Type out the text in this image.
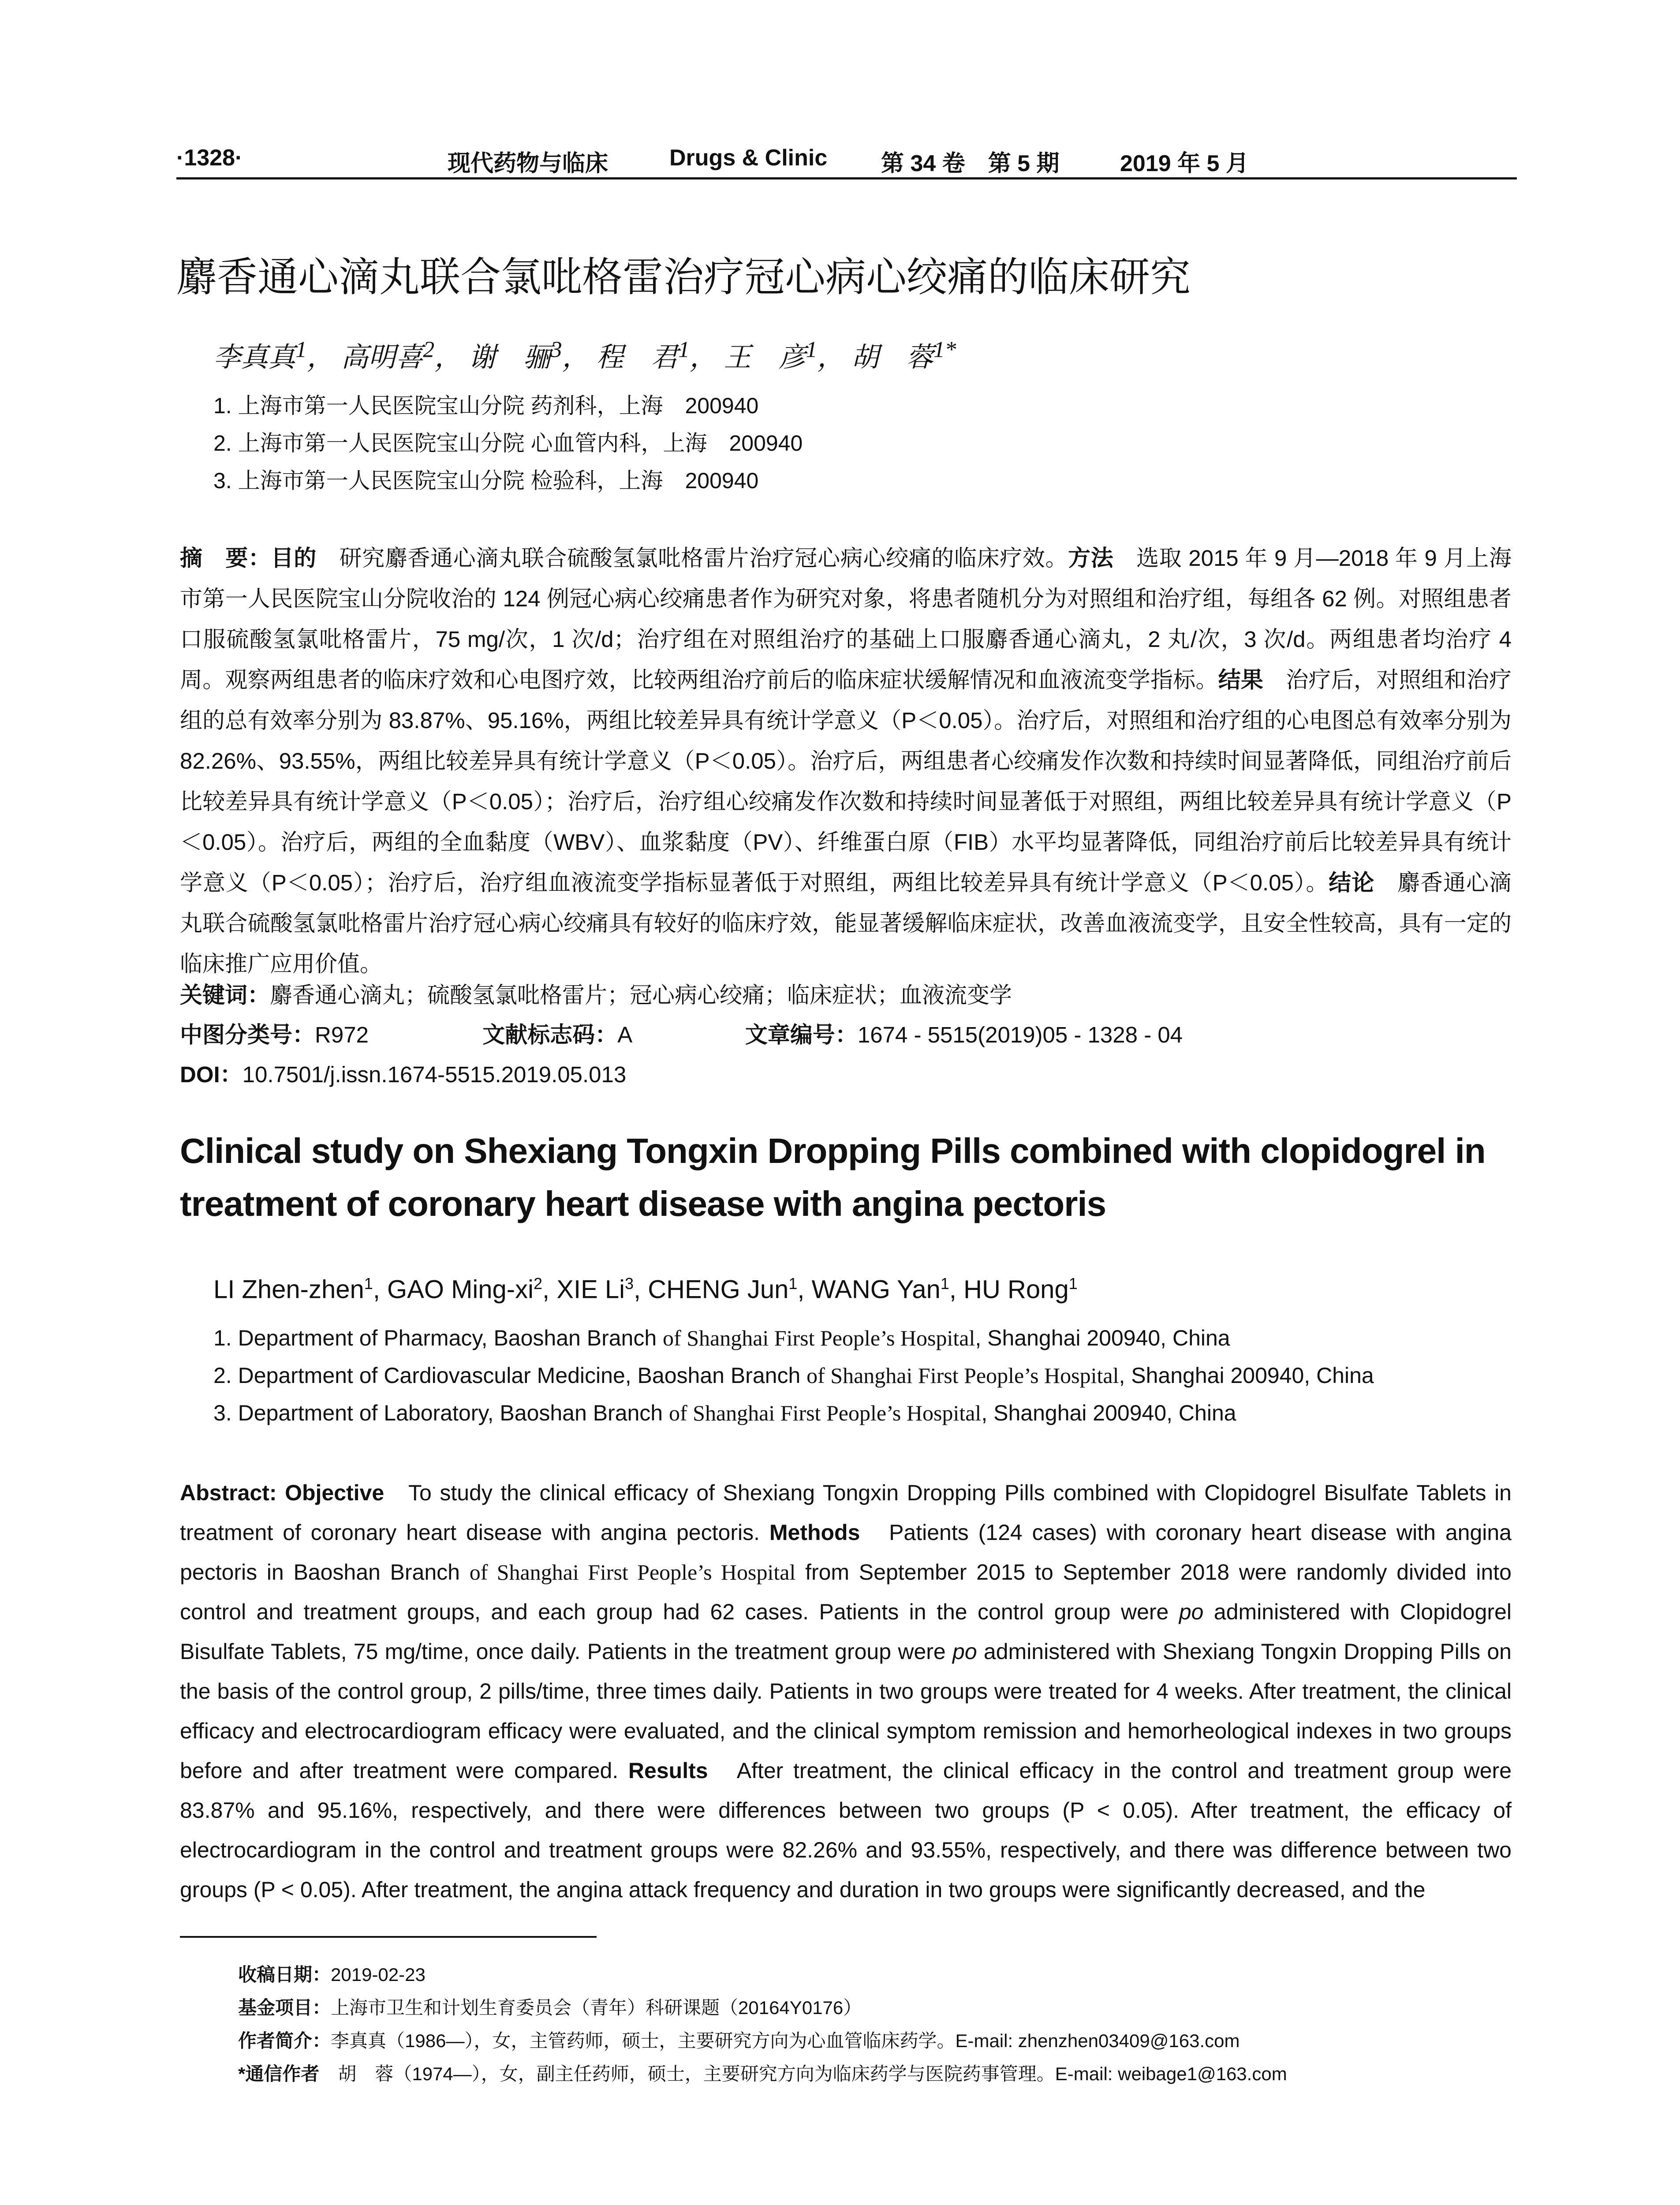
·1328·	现代药物与临床	Drugs & Clinic 第 34 卷　第 5 期	2019 年 5 月
麝香通心滴丸联合氯吡格雷治疗冠心病心绞痛的临床研究
李真真$^1$， 高明喜$^2$， 谢　骊$^3$， 程　君$^1$， 王　彦$^1$， 胡　蓉$^{1*}$
1. 上海市第一人民医院宝山分院 药剂科，上海　200940
2. 上海市第一人民医院宝山分院 心血管内科，上海　200940
3. 上海市第一人民医院宝山分院 检验科，上海　200940
摘　要：目的　 研究麝香通心滴丸联合硫酸氢氯吡格雷片治疗冠心病心绞痛的临床疗效。方法　 选取 2015 年 9 月—2018 年 9 月上海市第一人民医院宝山分院收治的 124 例冠心病心绞痛患者作为研究对象，将患者随机分为对照组和治疗组，每组各 62 例。对照组患者口服硫酸氢氯吡格雷片，75 mg/次，1 次/d；治疗组在对照组治疗的基础上口服麝香通心滴丸，2 丸/次，3 次/d。两组患者均治疗 4 周。观察两组患者的临床疗效和心电图疗效，比较两组治疗前后的临床症状缓解情况和血液流变学指标。结果　 治疗后，对照组和治疗组的总有效率分别为 83.87%、95.16%，两组比较差异具有统计学意义（P＜0.05）。治疗后，对照组和治疗组的心电图总有效率分别为 82.26%、93.55%，两组比较差异具有统计学意义（P＜0.05）。治疗后，两组患者心绞痛发作次数和持续时间显著降低，同组治疗前后比较差异具有统计学意义（P＜0.05）；治疗后，治疗组心绞痛发作次数和持续时间显著低于对照组，两组比较差异具有统计学意义（P＜0.05）。治疗后，两组的全血黏度（WBV）、血浆黏度（PV）、纤维蛋白原（FIB）水平均显著降低，同组治疗前后比较差异具有统计学意义（P＜0.05）；治疗后，治疗组血液流变学指标显著低于对照组，两组比较差异具有统计学意义（P＜0.05）。结论　 麝香通心滴丸联合硫酸氢氯吡格雷片治疗冠心病心绞痛具有较好的临床疗效，能显著缓解临床症状，改善血液流变学，且安全性较高，具有一定的临床推广应用价值。
关键词：麝香通心滴丸；硫酸氢氯吡格雷片；冠心病心绞痛；临床症状；血液流变学
中图分类号：R972	文献标志码：A	文章编号：1674 - 5515(2019)05 - 1328 - 04
DOI：10.7501/j.issn.1674-5515.2019.05.013
Clinical study on Shexiang Tongxin Dropping Pills combined with clopidogrel in treatment of coronary heart disease with angina pectoris
LI Zhen-zhen$^1$, GAO Ming-$xi^2$, XIE Li$^3$, CHENG Jun$^1$, WANG Yan$^1$, HU Rong$^1$
1. Department of Pharmacy, Baoshan Branch of Shanghai First People’s Hospital, Shanghai 200940, China
2. Department of Cardiovascular Medicine, Baoshan Branch of Shanghai First People’s Hospital, Shanghai 200940, China
3. Department of Laboratory, Baoshan Branch of Shanghai First People’s Hospital, Shanghai 200940, China
Abstract: Objective To study the clinical efficacy of Shexiang Tongxin Dropping Pills combined with Clopidogrel Bisulfate Tablets in treatment of coronary heart disease with angina pectoris. Methods Patients (124 cases) with coronary heart disease with angina pectoris in Baoshan Branch of Shanghai First People’s Hospital from September 2015 to September 2018 were randomly divided into control and treatment groups, and each group had 62 cases. Patients in the control group were po administered with Clopidogrel Bisulfate Tablets, 75 mg/time, once daily. Patients in the treatment group were po administered with Shexiang Tongxin Dropping Pills on the basis of the control group, 2 pills/time, three times daily. Patients in two groups were treated for 4 weeks. After treatment, the clinical efficacy and electrocardiogram efficacy were evaluated, and the clinical symptom remission and hemorheological indexes in two groups before and after treatment were compared. Results After treatment, the clinical efficacy in the control and treatment group were 83.87% and 95.16%, respectively, and there were differences between two groups (P < 0.05). After treatment, the efficacy of electrocardiogram in the control and treatment groups were 82.26% and 93.55%, respectively, and there was difference between two groups (P < 0.05). After treatment, the angina attack frequency and duration in two groups were significantly decreased, and the
收稿日期：2019-02-23
基金项目：上海市卫生和计划生育委员会（青年）科研课题（20164Y0176）
作者简介：李真真（1986—），女，主管药师，硕士，主要研究方向为心血管临床药学。E-mail: zhenzhen03409@163.com
*通信作者　胡　蓉（1974—），女，副主任药师，硕士，主要研究方向为临床药学与医院药事管理。E-mail: weibage1@163.com
